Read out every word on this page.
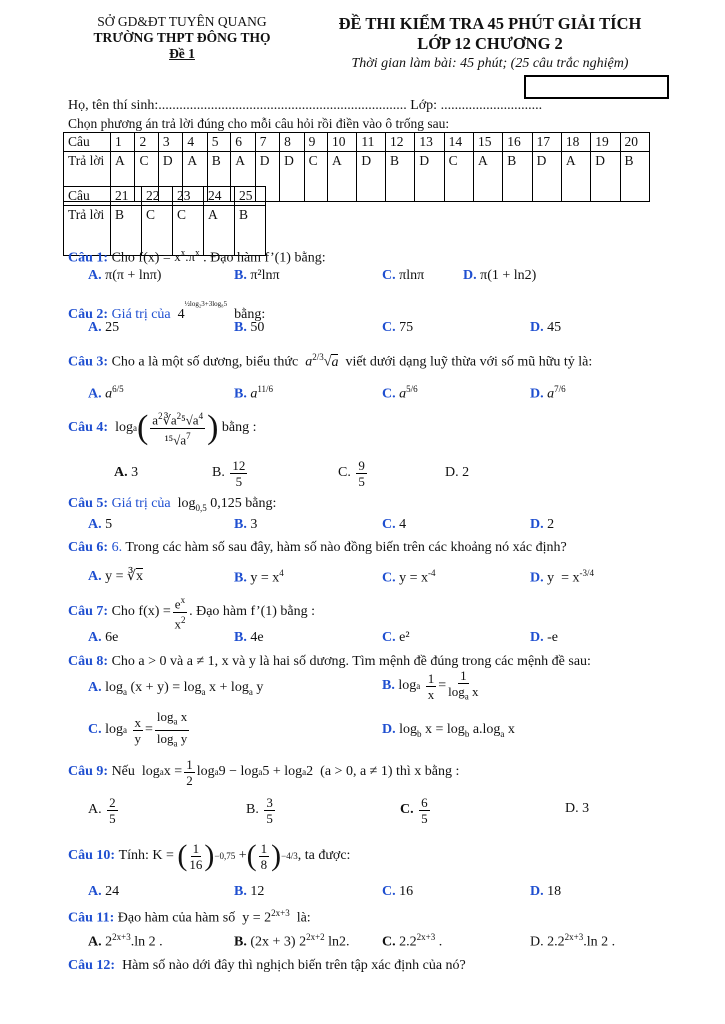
SỞ GD&ĐT TUYÊN QUANG
TRƯỜNG THPT ĐÔNG THỌ
Đề 1
ĐỀ THI KIỂM TRA 45 PHÚT GIẢI TÍCH
LỚP 12 CHƯƠNG 2
Thời gian làm bài: 45 phút; (25 câu trắc nghiệm)
Họ, tên thí sinh:....................................................................... Lớp: .............................
Chọn phương án trả lời đúng cho mỗi câu hỏi rồi điền vào ô trống sau:
Câu	1	2	3	4	5	6	7	8	9	10	11	12	13	14	15	16	17	18	19	20
Trả lời	A	C	D	A	B	A	D	D	C	A	D	B	D	C	A	B	D	A	D	B
Câu	21	22	23	24	25
Trả lời	B	C	C	A	B
Câu 1: Cho $f(x) = x^x.\pi^x$ . Đạo hàm f’(1) bằng:
A. π(π + lnπ)	B. π²lnπ	C. πlnπ	D. π(1 + ln2)
Câu 2: Giá trị của  $4^{\frac{1}{2}log_23+3log_85}$  bằng:
A. 25	B. 50	C. 75	D. 45
Câu 3: Cho a là một số dương, biểu thức $a^{2/3}√a$ viết dưới dạng luỹ thừa với số mũ hữu tỷ là:
A. $a^{6/5}$	B. $a^{11/6}$	C. $a^{5/6}$	D. $a^{7/6}$
Câu 4: log a ( $\frac{a^2∛a^2^5√a^4}{^{15}√a^7}$ )
bằng :
A.
3	B.
$\frac{12}{5}$	C.
$\frac{9}{5}$	D.
2
Câu 5: Giá trị của  $\log_{0,5} 0,125$ bằng:
A. 5	B. 3	C. 4	D. 2
Câu 6: 6. Trong các hàm số sau đây, hàm số nào đồng biến trên các khoảng nó xác định?
A. y = ∛x	B. $y = x^4$	C. $y = x^{-4}$	D. $y = x^{-3/4}$
Câu 7:
Cho $f(x) = \frac{e^x}{x^2}$ . Đạo hàm f’(1) bằng :
A. 6e	B. 4e	C. e²	D. -e
Câu 8: Cho a > 0 và a ≠ 1, x và y là hai số dương. Tìm mệnh đề đúng trong các mệnh đề sau:
A. $\log_a (x + y) = \log_a x + \log_a y$	B. log a
$\frac{1}{x} = \frac{1}{\log_a x}$
C. log a
$\frac{x}{y} = \frac{\log_a x}{\log_a y}$	D. $\log_b x = \log_b a.\log_a$ x
Câu 9:
Nếu log a $x = \frac{1}{2}$ log a 9 − log a 5 + log a 2  (a > 0, a ≠ 1) thì x bằng :
A.
$\frac{2}{5}$	B.
$\frac{3}{5}$	C.
$\frac{6}{5}$	D. 3
Câu 10:
Tính: K =
( $\frac{1}{16}$ ) −0,75 + ( $\frac{1}{8}$ ) −4/3 , ta được:
A. 24	B. 12	C. 16	D. 18
Câu 11: Đạo hàm của hàm số  $y = 2^{2x+3}$ là:
A. $2^{2x+3}.\ln$ 2 .	B. (2x + 3) $2^{2x+2}$ ln2. C. $2.2^{2x+3}$ .	D. $2.2^{2x+3}.\ln$ 2 .
Câu 12: Hàm số nào dới đây thì nghịch biến trên tập xác định của nó?
